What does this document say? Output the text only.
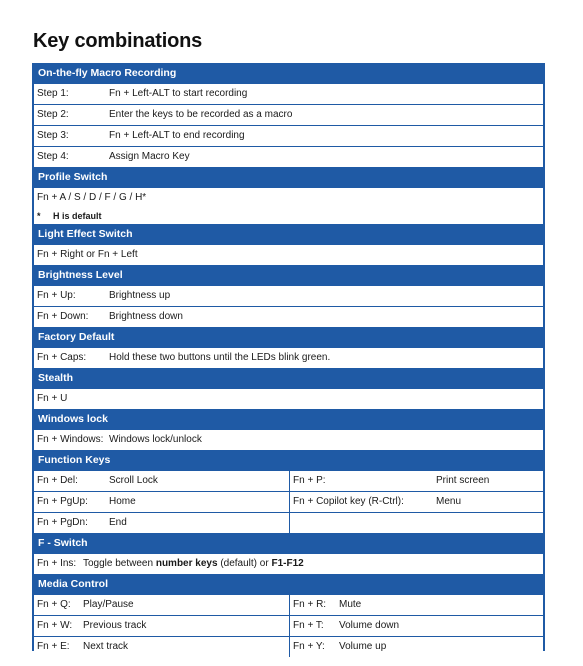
Key combinations
On-the-fly Macro Recording
Step 1:	Fn + Left-ALT to start recording
Step 2:	Enter the keys to be recorded as a macro
Step 3:	Fn + Left-ALT to end recording
Step 4:	Assign Macro Key
Profile Switch
Fn + A / S / D / F / G / H*
* H is default
Light Effect Switch
Fn + Right or Fn + Left
Brightness Level
Fn + Up:	Brightness up
Fn + Down: Brightness down
Factory Default
Fn + Caps: Hold these two buttons until the LEDs blink green.
Stealth
Fn + U
Windows lock
Fn + Windows: Windows lock/unlock
Function Keys
Fn + Del:	Scroll Lock	Fn + P:	Print screen
Fn + PgUp: Home	Fn + Copilot key (R-Ctrl):	Menu
Fn + PgDn: End
F - Switch
Fn + Ins: Toggle between number keys (default) or F1-F12
Media Control
Fn + Q: Play/Pause	Fn + R: Mute
Fn + W: Previous track	Fn + T: Volume down
Fn + E: Next track	Fn + Y: Volume up
